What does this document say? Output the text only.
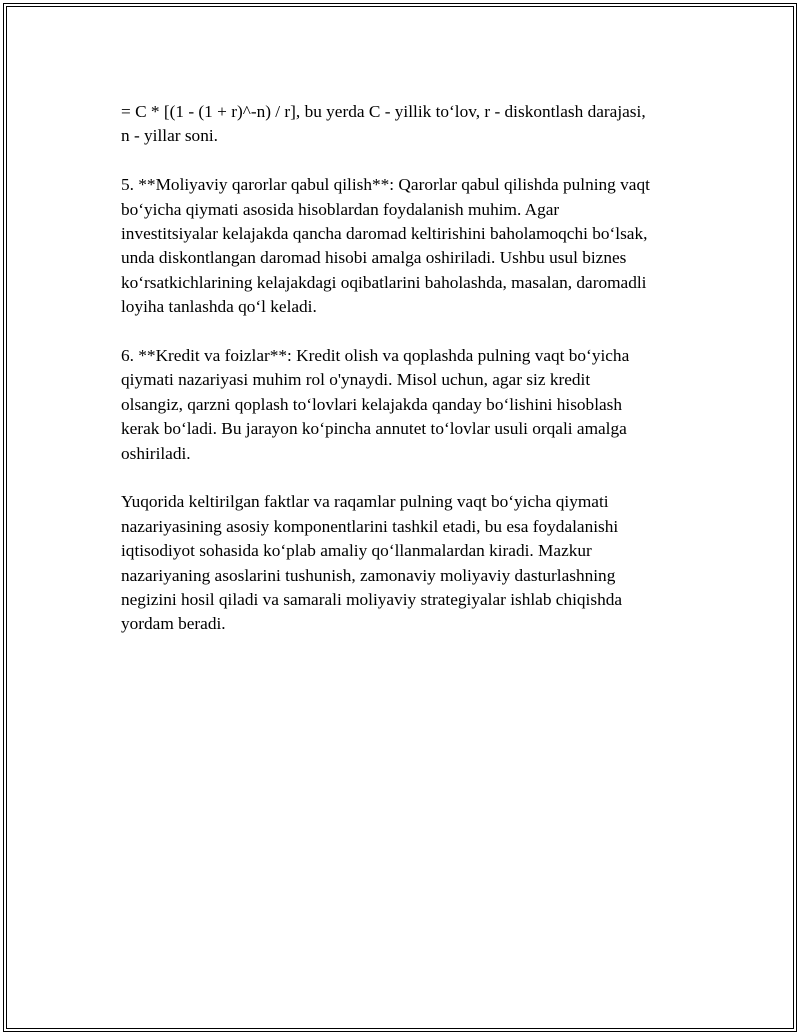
= C * [(1 - (1 + r)^-n) / r], bu yerda C - yillik to‘lov, r - diskontlash darajasi,
n - yillar soni.

5. **Moliyaviy qarorlar qabul qilish**: Qarorlar qabul qilishda pulning vaqt
bo‘yicha qiymati asosida hisoblardan foydalanish muhim. Agar
investitsiyalar kelajakda qancha daromad keltirishini baholamoqchi bo‘lsak,
unda diskontlangan daromad hisobi amalga oshiriladi. Ushbu usul biznes
ko‘rsatkichlarining kelajakdagi oqibatlarini baholashda, masalan, daromadli
loyiha tanlashda qo‘l keladi.

6. **Kredit va foizlar**: Kredit olish va qoplashda pulning vaqt bo‘yicha
qiymati nazariyasi muhim rol o'ynaydi. Misol uchun, agar siz kredit
olsangiz, qarzni qoplash to‘lovlari kelajakda qanday bo‘lishini hisoblash
kerak bo‘ladi. Bu jarayon ko‘pincha annutet to‘lovlar usuli orqali amalga
oshiriladi.

Yuqorida keltirilgan faktlar va raqamlar pulning vaqt bo‘yicha qiymati
nazariyasining asosiy komponentlarini tashkil etadi, bu esa foydalanishi
iqtisodiyot sohasida ko‘plab amaliy qo‘llanmalardan kiradi. Mazkur
nazariyaning asoslarini tushunish, zamonaviy moliyaviy dasturlashning
negizini hosil qiladi va samarali moliyaviy strategiyalar ishlab chiqishda
yordam beradi.
